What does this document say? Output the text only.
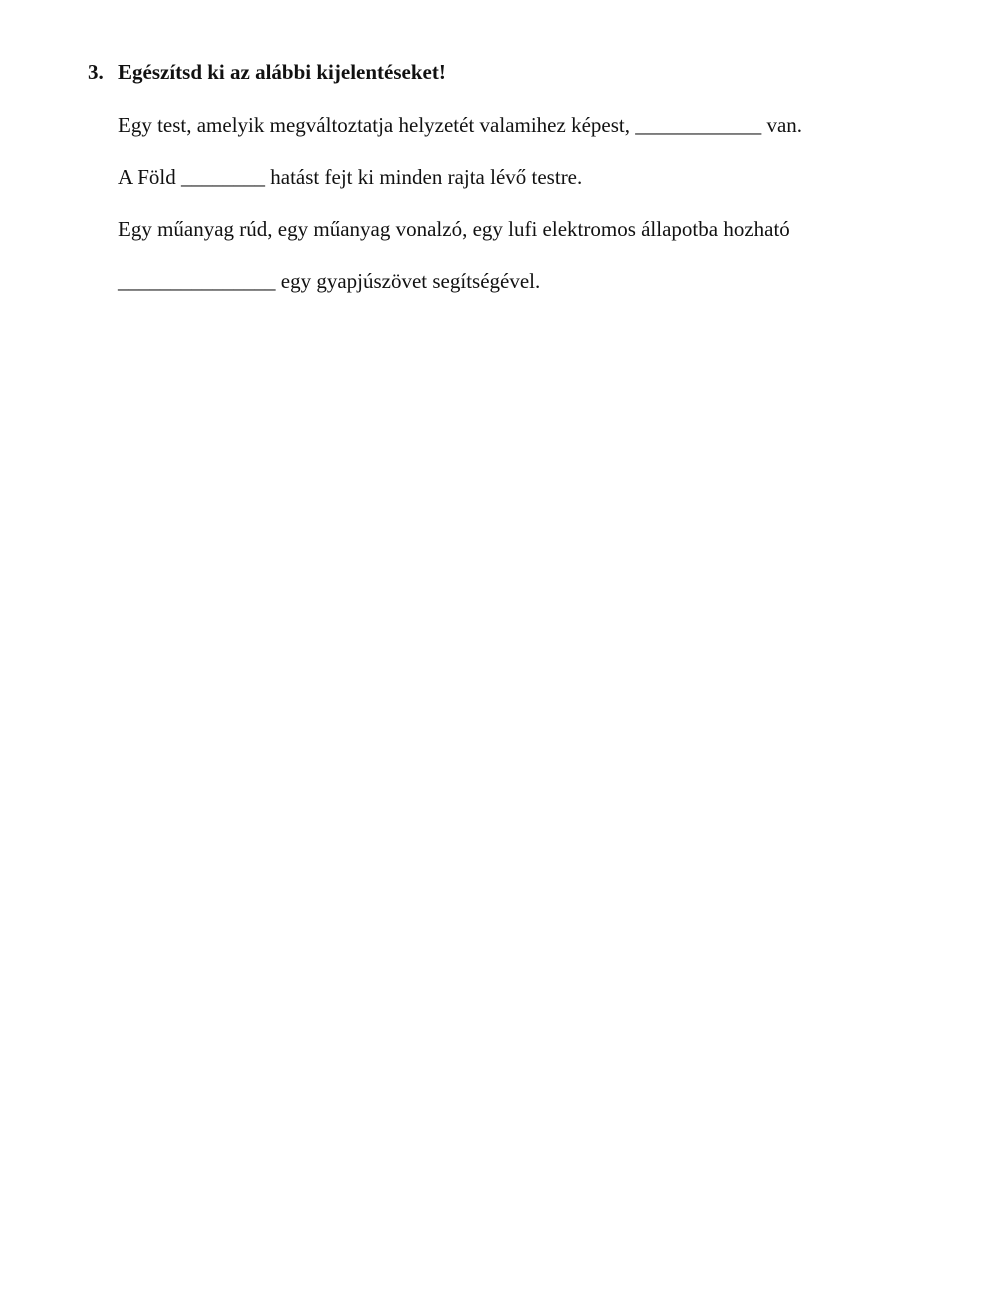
3. Egészítsd ki az alábbi kijelentéseket!
Egy test, amelyik megváltoztatja helyzetét valamihez képest, ____________ van.
A Föld ________ hatást fejt ki minden rajta lévő testre.
Egy műanyag rúd, egy műanyag vonalzó, egy lufi elektromos állapotba hozható
_______________ egy gyapjúszövet segítségével.
